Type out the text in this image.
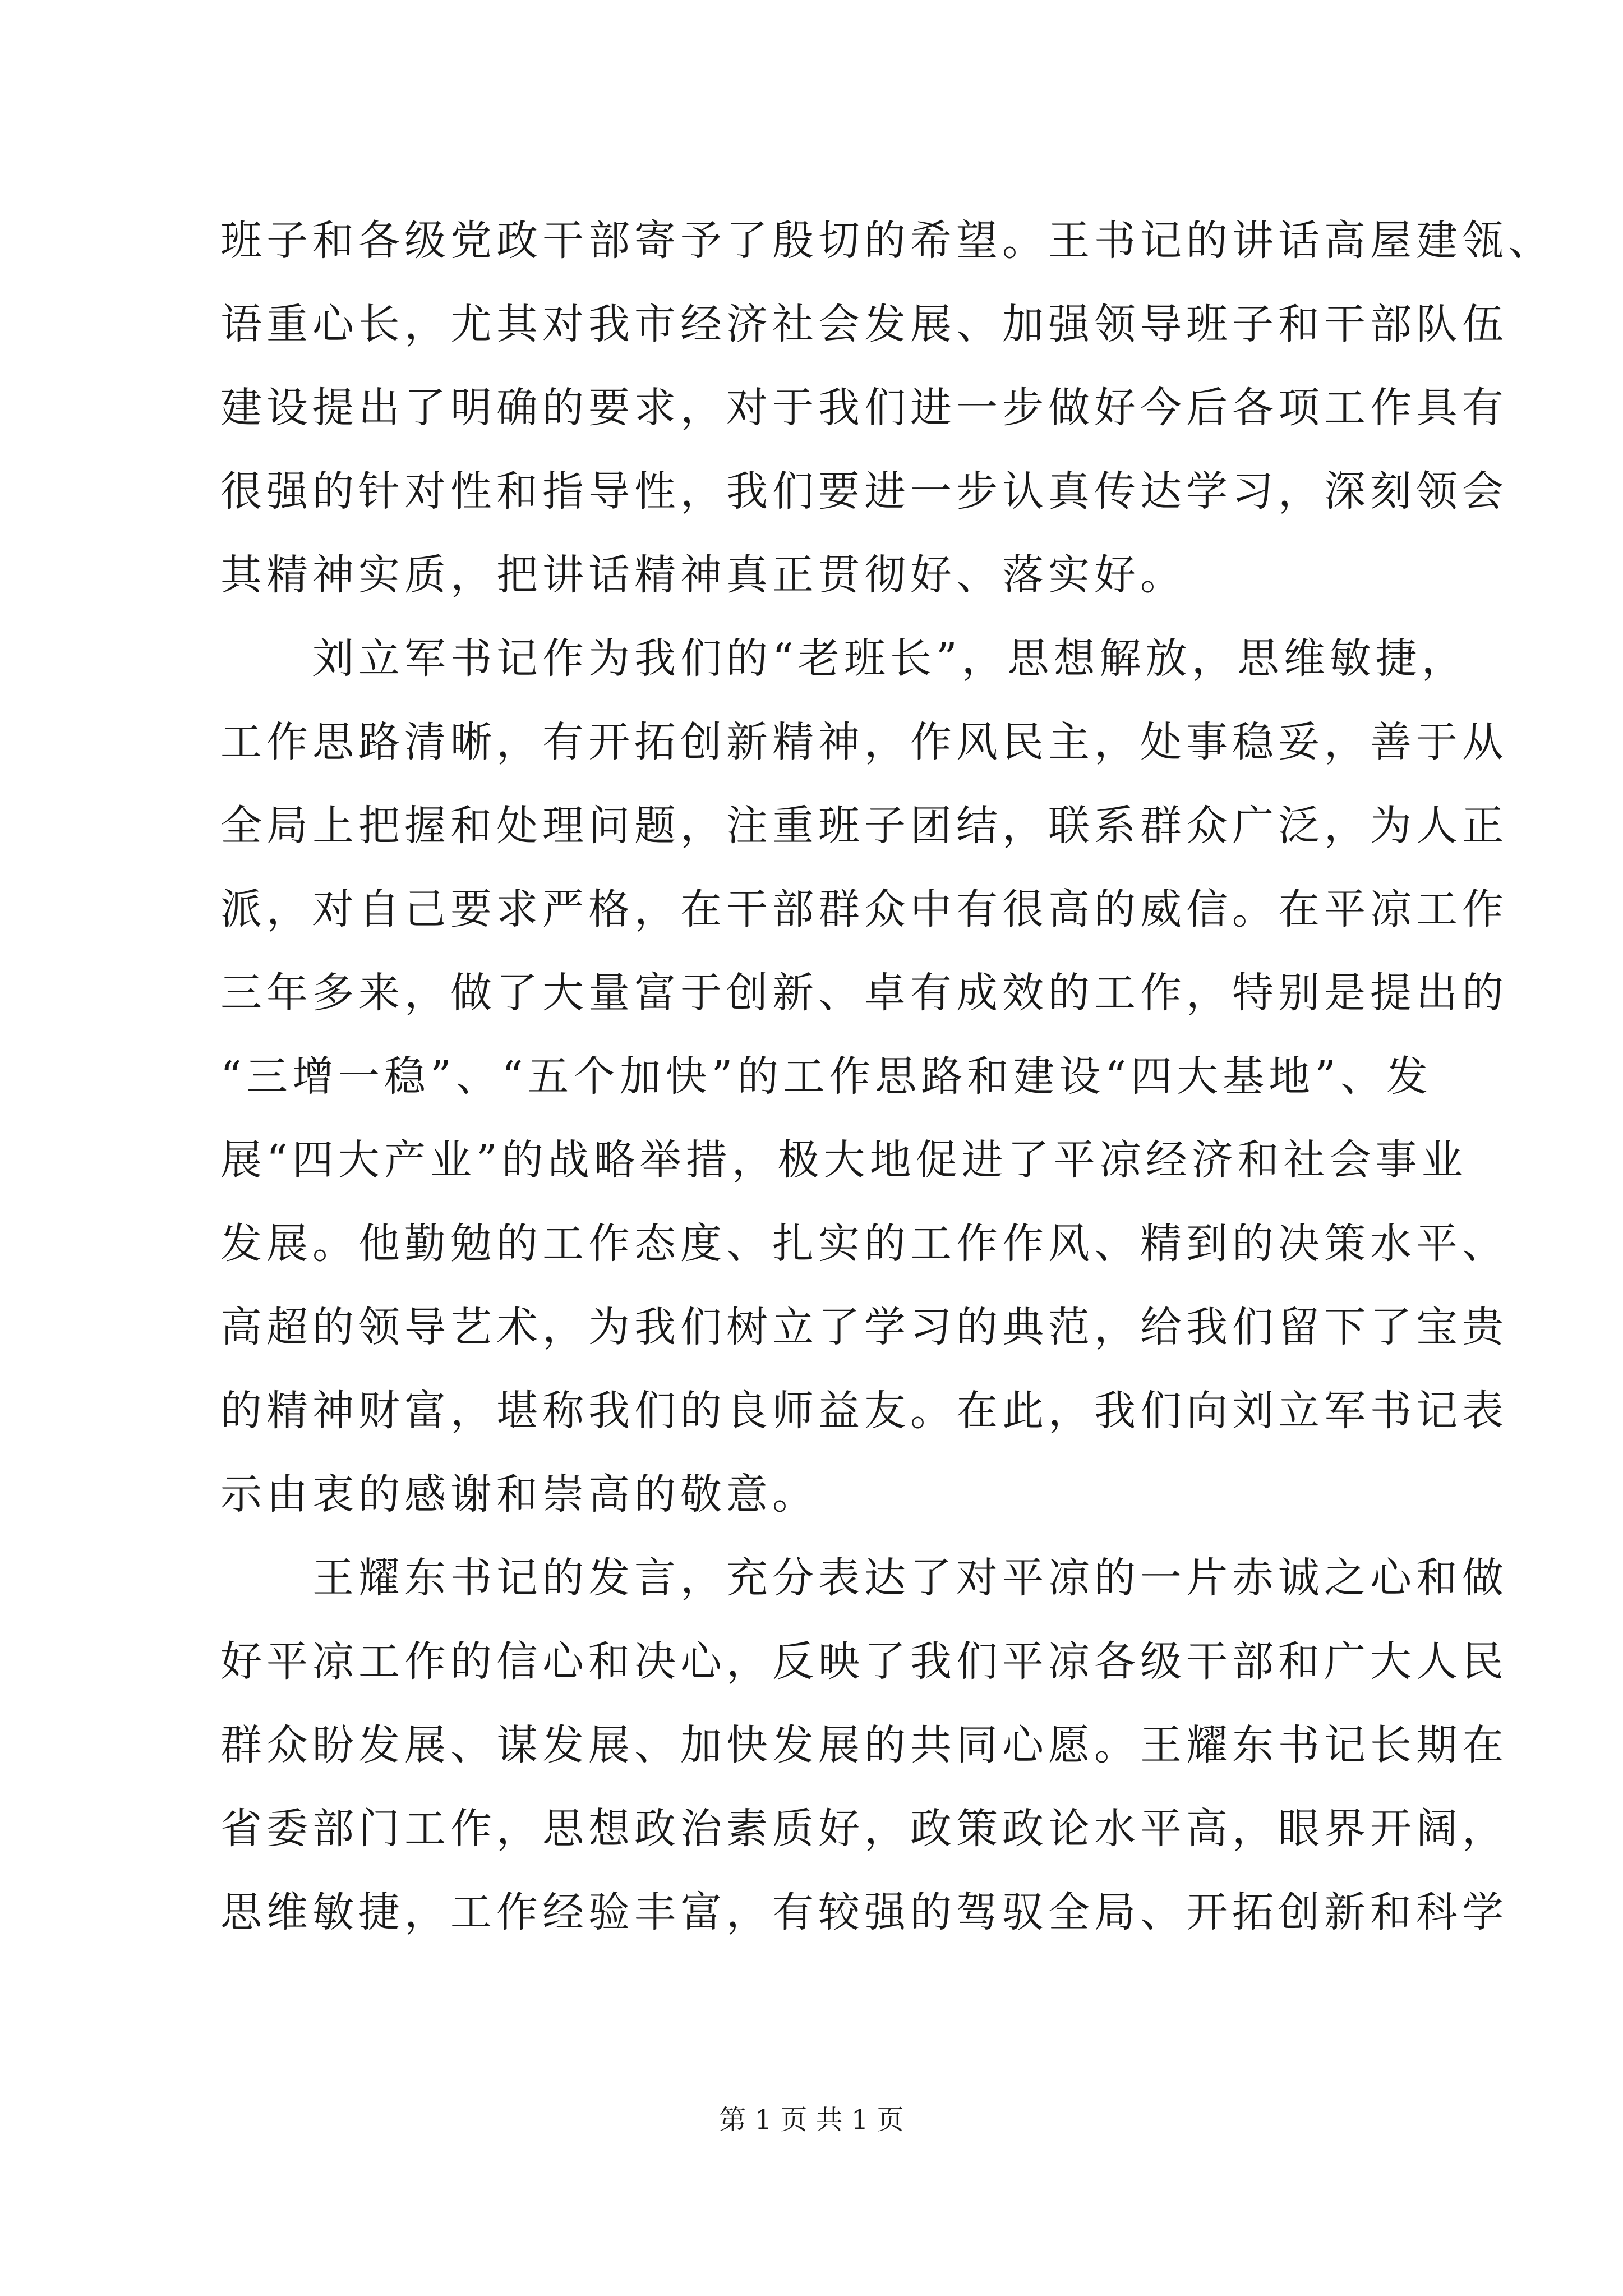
班子和各级党政干部寄予了殷切的希望。王书记的讲话高屋建瓴、
语重心长，尤其对我市经济社会发展、加强领导班子和干部队伍
建设提出了明确的要求，对于我们进一步做好今后各项工作具有
很强的针对性和指导性，我们要进一步认真传达学习，深刻领会
其精神实质，把讲话精神真正贯彻好、落实好。
　　刘立军书记作为我们的“老班长”，思想解放，思维敏捷，
工作思路清晰，有开拓创新精神，作风民主，处事稳妥，善于从
全局上把握和处理问题，注重班子团结，联系群众广泛，为人正
派，对自己要求严格，在干部群众中有很高的威信。在平凉工作
三年多来，做了大量富于创新、卓有成效的工作，特别是提出的
“三增一稳”、“五个加快”的工作思路和建设“四大基地”、发
展“四大产业”的战略举措，极大地促进了平凉经济和社会事业
发展。他勤勉的工作态度、扎实的工作作风、精到的决策水平、
高超的领导艺术，为我们树立了学习的典范，给我们留下了宝贵
的精神财富，堪称我们的良师益友。在此，我们向刘立军书记表
示由衷的感谢和崇高的敬意。
　　王耀东书记的发言，充分表达了对平凉的一片赤诚之心和做
好平凉工作的信心和决心，反映了我们平凉各级干部和广大人民
群众盼发展、谋发展、加快发展的共同心愿。王耀东书记长期在
省委部门工作，思想政治素质好，政策政论水平高，眼界开阔，
思维敏捷，工作经验丰富，有较强的驾驭全局、开拓创新和科学
第 1 页 共 1 页
